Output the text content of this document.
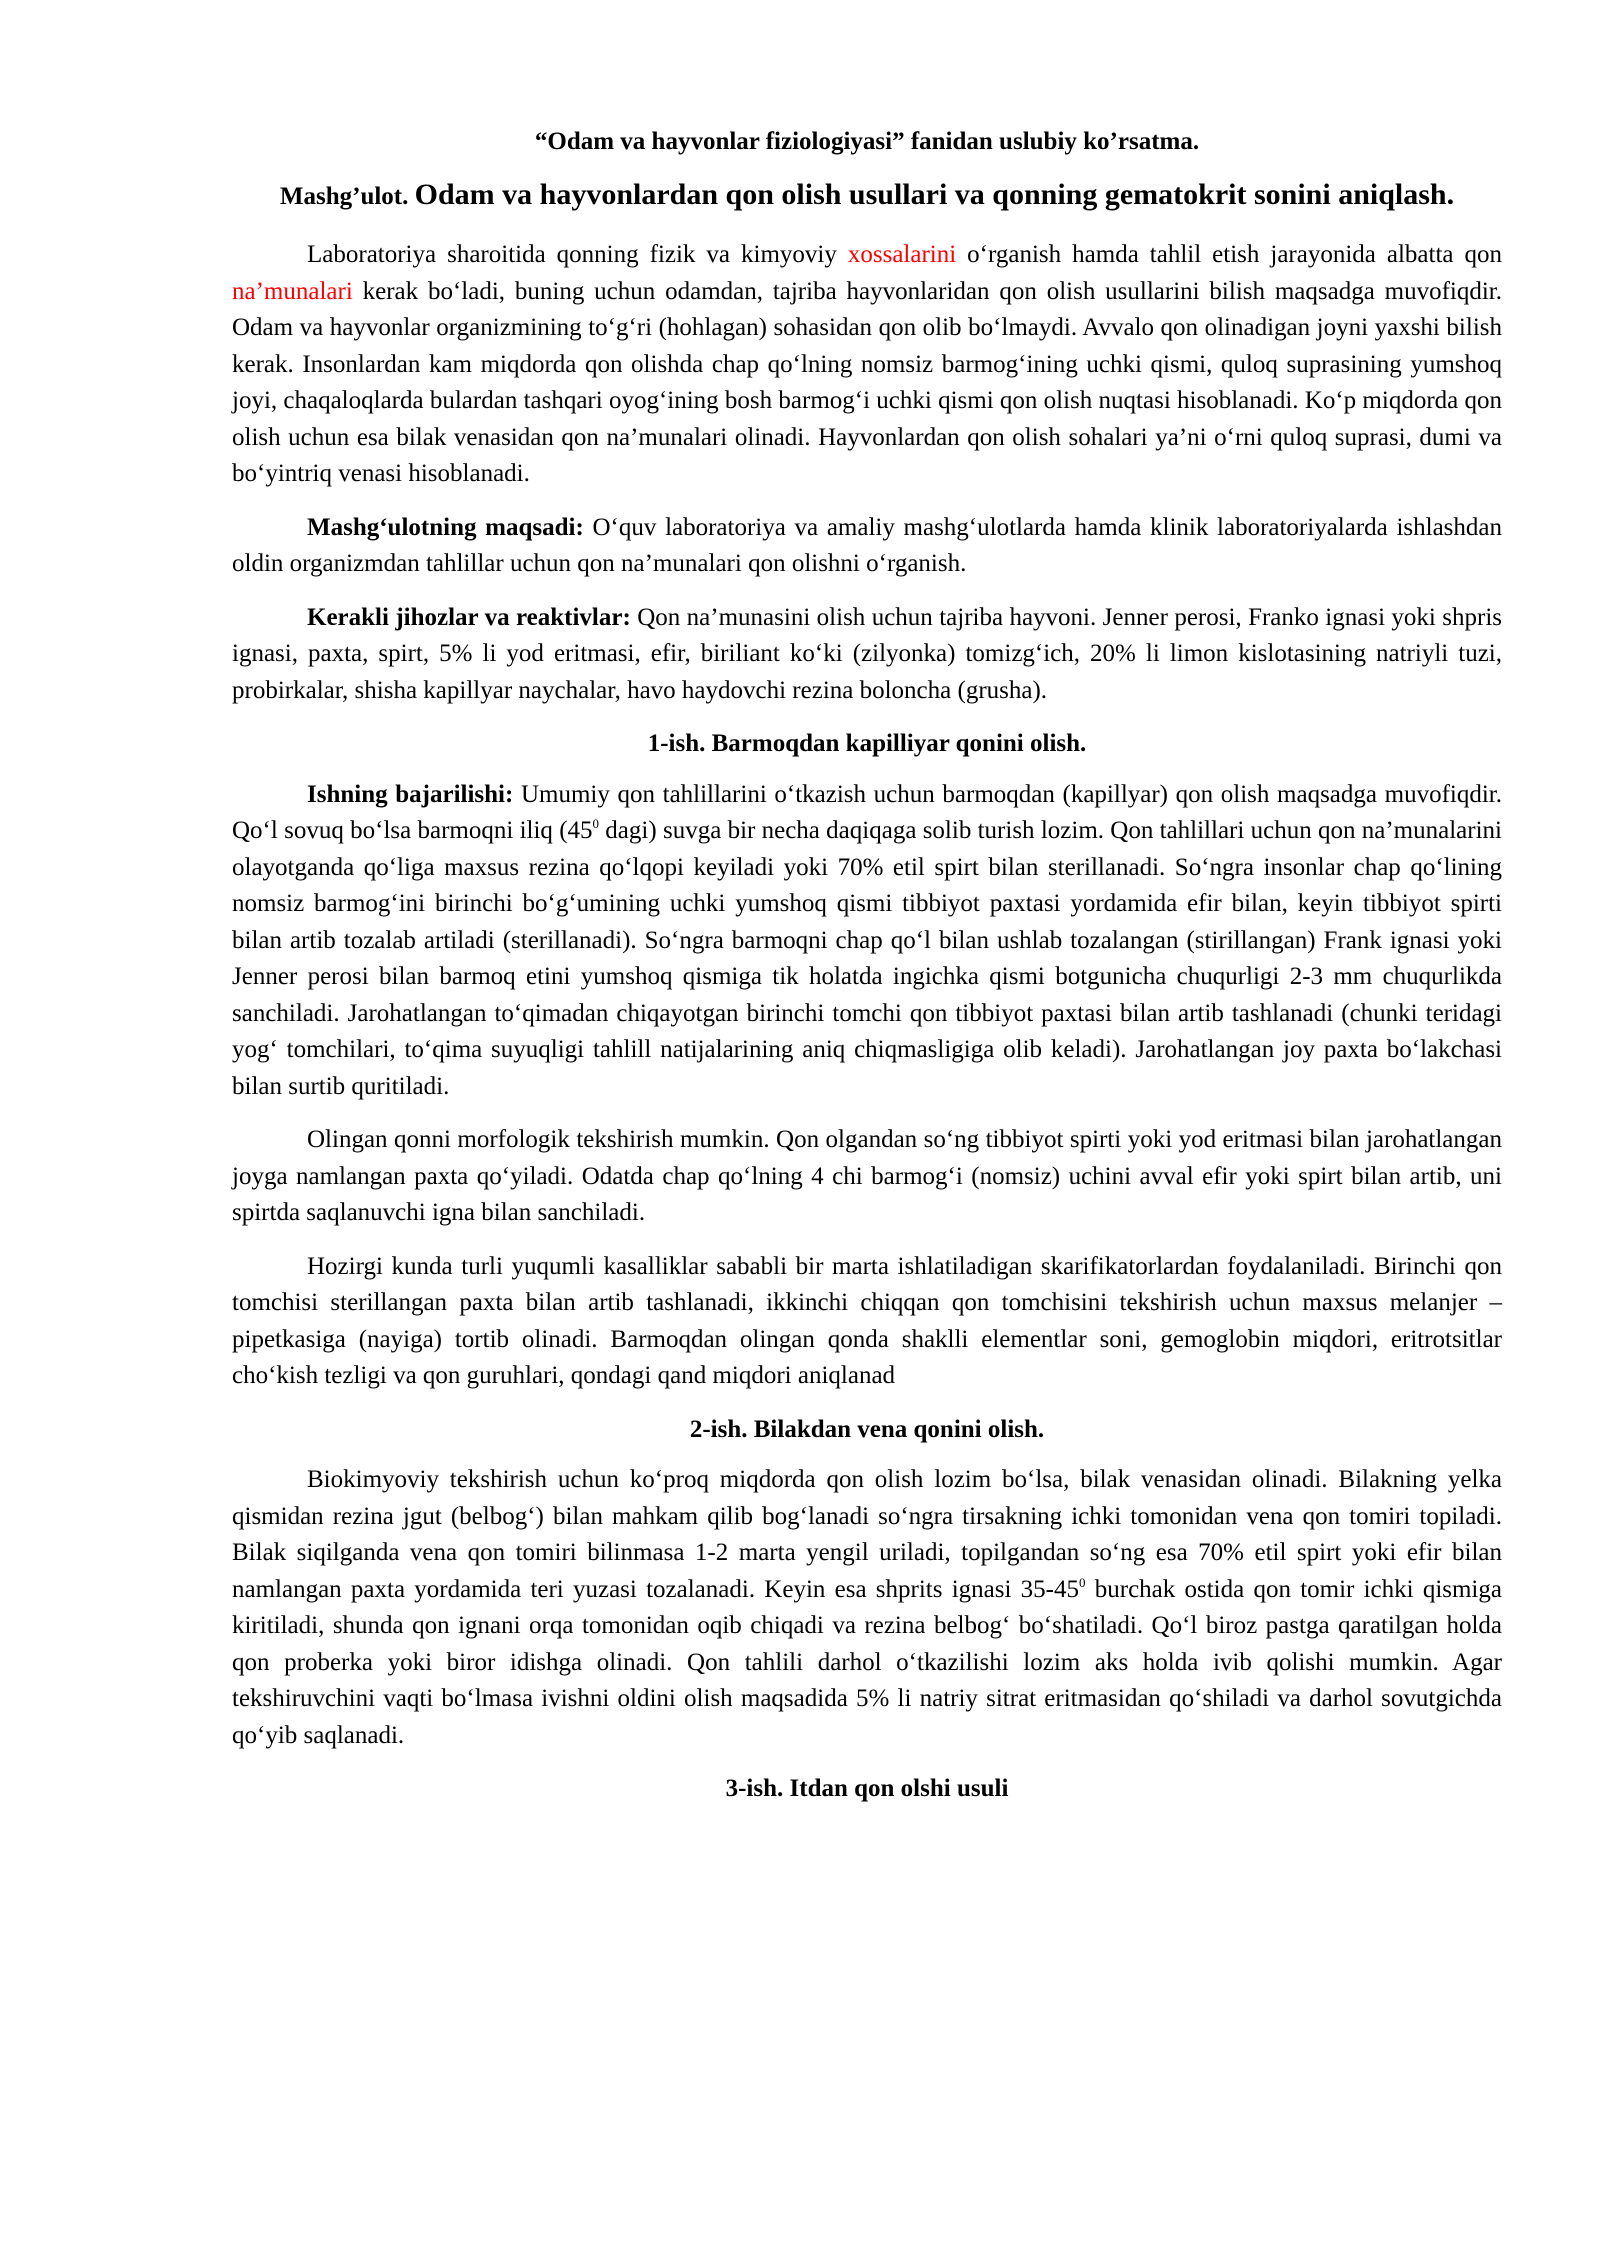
“Odam va hayvonlar fiziologiyasi” fanidan uslubiy ko’rsatma.
Mashg’ulot. Odam va hayvonlardan qon olish usullari va qonning gematokrit sonini aniqlash.

Laboratoriya sharoitida qonning fizik va kimyoviy xossalarini o‘rganish hamda tahlil etish jarayonida albatta qon na’munalari kerak bo‘ladi, buning uchun odamdan, tajriba hayvonlaridan qon olish usullarini bilish maqsadga muvofiqdir. Odam va hayvonlar organizmining to‘g‘ri (hohlagan) sohasidan qon olib bo‘lmaydi. Avvalo qon olinadigan joyni yaxshi bilish kerak. Insonlardan kam miqdorda qon olishda chap qo‘lning nomsiz barmog‘ining uchki qismi, quloq suprasining yumshoq joyi, chaqaloqlarda bulardan tashqari oyog‘ining bosh barmog‘i uchki qismi qon olish nuqtasi hisoblanadi. Ko‘p miqdorda qon olish uchun esa bilak venasidan qon na’munalari olinadi. Hayvonlardan qon olish sohalari ya’ni o‘rni quloq suprasi, dumi va bo‘yintriq venasi hisoblanadi.

Mashg‘ulotning maqsadi: O‘quv laboratoriya va amaliy mashg‘ulotlarda hamda klinik laboratoriyalarda ishlashdan oldin organizmdan tahlillar uchun qon na’munalari qon olishni o‘rganish.

Kerakli jihozlar va reaktivlar: Qon na’munasini olish uchun tajriba hayvoni. Jenner perosi, Franko ignasi yoki shpris ignasi, paxta, spirt, 5% li yod eritmasi, efir, biriliant ko‘ki (zilyonka) tomizg‘ich, 20% li limon kislotasining natriyli tuzi, probirkalar, shisha kapillyar naychalar, havo haydovchi rezina boloncha (grusha).

1-ish. Barmoqdan kapilliyar qonini olish.

Ishning bajarilishi: Umumiy qon tahlillarini o‘tkazish uchun barmoqdan (kapillyar) qon olish maqsadga muvofiqdir. Qo‘l sovuq bo‘lsa barmoqni iliq ($45^0$ dagi) suvga bir necha daqiqaga solib turish lozim. Qon tahlillari uchun qon na’munalarini olayotganda qo‘liga maxsus rezina qo‘lqopi keyiladi yoki 70% etil spirt bilan sterillanadi. So‘ngra insonlar chap qo‘lining nomsiz barmog‘ini birinchi bo‘g‘umining uchki yumshoq qismi tibbiyot paxtasi yordamida efir bilan, keyin tibbiyot spirti bilan artib tozalab artiladi (sterillanadi). So‘ngra barmoqni chap qo‘l bilan ushlab tozalangan (stirillangan) Frank ignasi yoki Jenner perosi bilan barmoq etini yumshoq qismiga tik holatda ingichka qismi botgunicha chuqurligi 2-3 mm chuqurlikda sanchiladi. Jarohatlangan to‘qimadan chiqayotgan birinchi tomchi qon tibbiyot paxtasi bilan artib tashlanadi (chunki teridagi yog‘ tomchilari, to‘qima suyuqligi tahlill natijalarining aniq chiqmasligiga olib keladi). Jarohatlangan joy paxta bo‘lakchasi bilan surtib quritiladi.

Olingan qonni morfologik tekshirish mumkin. Qon olgandan so‘ng tibbiyot spirti yoki yod eritmasi bilan jarohatlangan joyga namlangan paxta qo‘yiladi. Odatda chap qo‘lning 4 chi barmog‘i (nomsiz) uchini avval efir yoki spirt bilan artib, uni spirtda saqlanuvchi igna bilan sanchiladi.

Hozirgi kunda turli yuqumli kasalliklar sababli bir marta ishlatiladigan skarifikatorlardan foydalaniladi. Birinchi qon tomchisi sterillangan paxta bilan artib tashlanadi, ikkinchi chiqqan qon tomchisini tekshirish uchun maxsus melanjer – pipetkasiga (nayiga) tortib olinadi. Barmoqdan olingan qonda shaklli elementlar soni, gemoglobin miqdori, eritrotsitlar cho‘kish tezligi va qon guruhlari, qondagi qand miqdori aniqlanad

2-ish. Bilakdan vena qonini olish.

Biokimyoviy tekshirish uchun ko‘proq miqdorda qon olish lozim bo‘lsa, bilak venasidan olinadi. Bilakning yelka qismidan rezina jgut (belbog‘) bilan mahkam qilib bog‘lanadi so‘ngra tirsakning ichki tomonidan vena qon tomiri topiladi. Bilak siqilganda vena qon tomiri bilinmasa 1-2 marta yengil uriladi, topilgandan so‘ng esa 70% etil spirt yoki efir bilan namlangan paxta yordamida teri yuzasi tozalanadi. Keyin esa shprits ignasi $35-45^0$ burchak ostida qon tomir ichki qismiga kiritiladi, shunda qon ignani orqa tomonidan oqib chiqadi va rezina belbog‘ bo‘shatiladi. Qo‘l biroz pastga qaratilgan holda qon proberka yoki biror idishga olinadi. Qon tahlili darhol o‘tkazilishi lozim aks holda ivib qolishi mumkin. Agar tekshiruvchini vaqti bo‘lmasa ivishni oldini olish maqsadida 5% li natriy sitrat eritmasidan qo‘shiladi va darhol sovutgichda qo‘yib saqlanadi.

3-ish. Itdan qon olshi usuli
